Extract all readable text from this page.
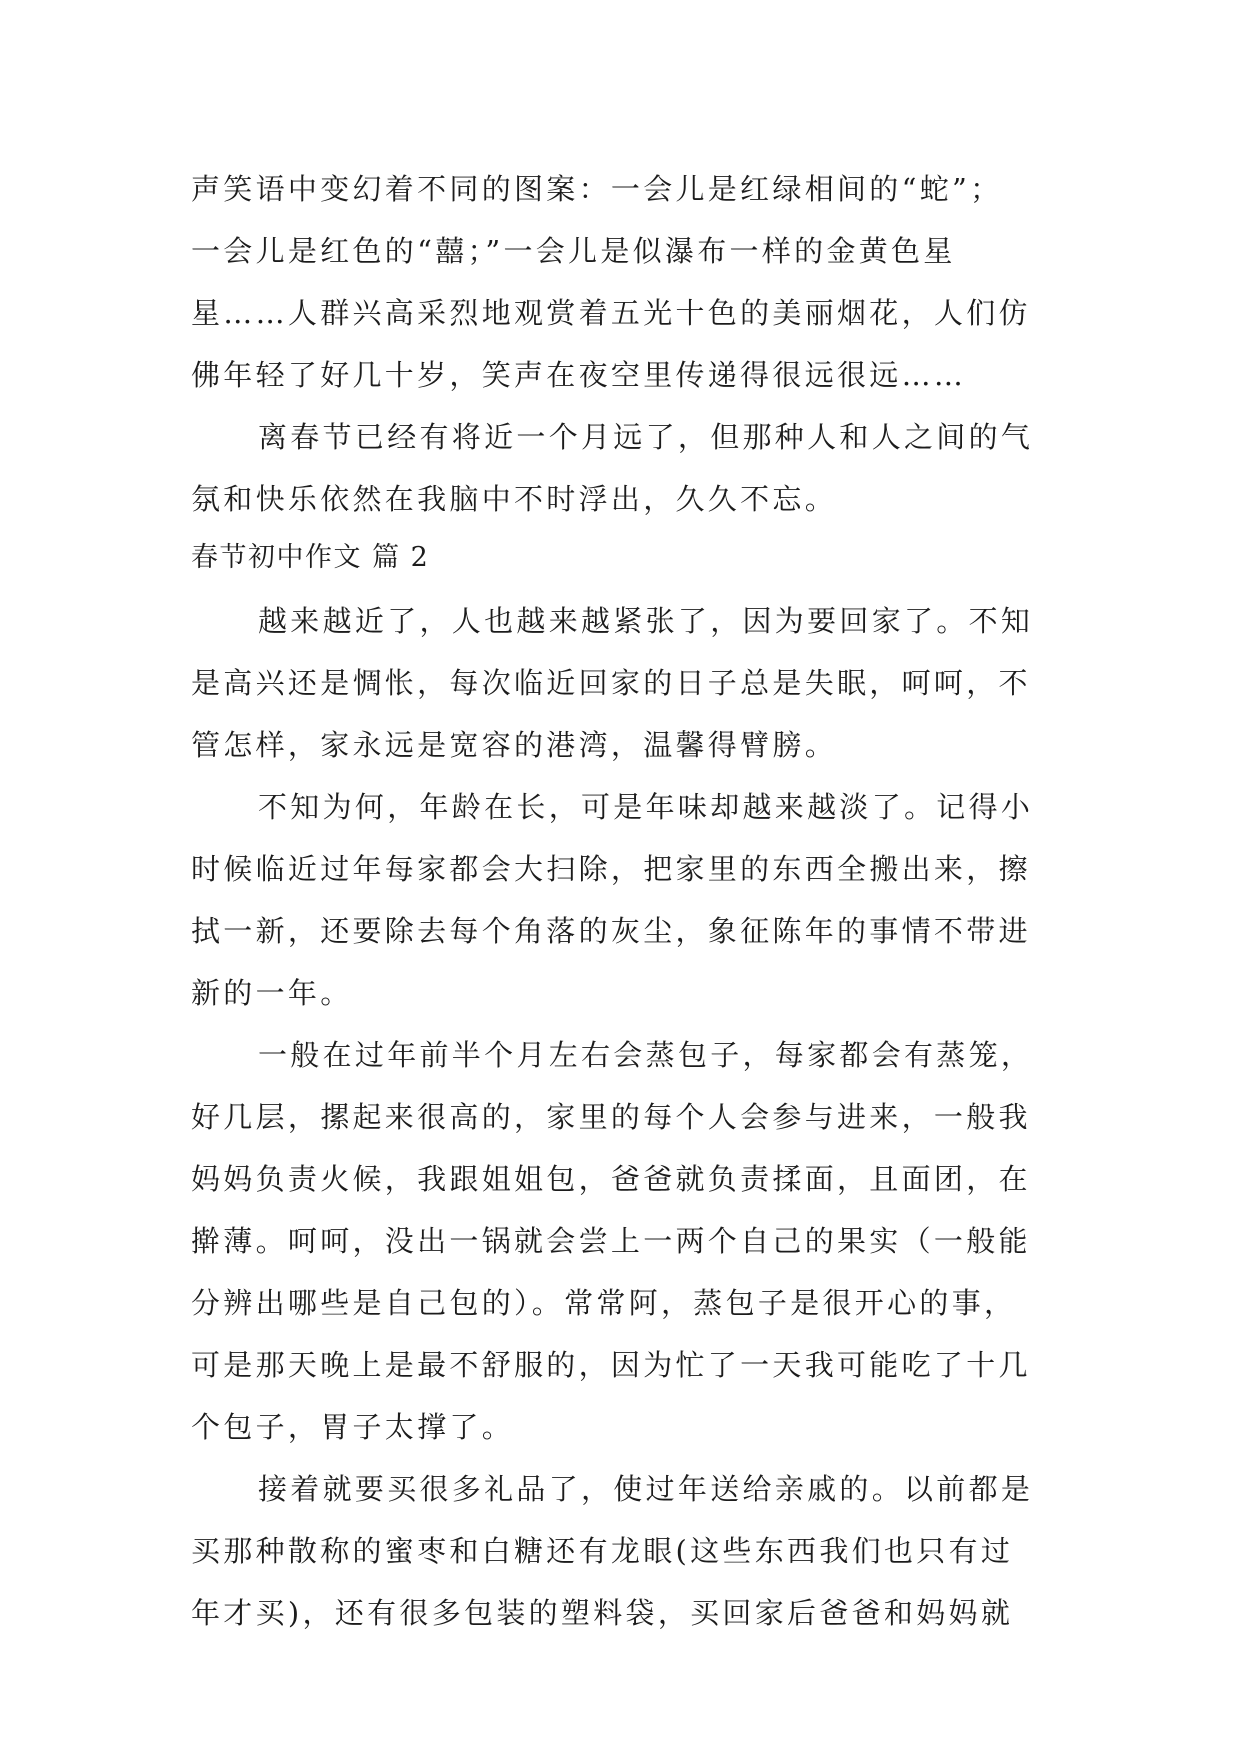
声笑语中变幻着不同的图案：一会儿是红绿相间的“蛇”；
一会儿是红色的“囍；”一会儿是似瀑布一样的金黄色星
星……人群兴高采烈地观赏着五光十色的美丽烟花，人们仿
佛年轻了好几十岁，笑声在夜空里传递得很远很远……
离春节已经有将近一个月远了，但那种人和人之间的气
氛和快乐依然在我脑中不时浮出，久久不忘。
春节初中作文 篇 2
越来越近了，人也越来越紧张了，因为要回家了。不知
是高兴还是惆怅，每次临近回家的日子总是失眠，呵呵，不
管怎样，家永远是宽容的港湾，温馨得臂膀。
不知为何，年龄在长，可是年味却越来越淡了。记得小
时候临近过年每家都会大扫除，把家里的东西全搬出来，擦
拭一新，还要除去每个角落的灰尘，象征陈年的事情不带进
新的一年。
一般在过年前半个月左右会蒸包子，每家都会有蒸笼，
好几层，摞起来很高的，家里的每个人会参与进来，一般我
妈妈负责火候，我跟姐姐包，爸爸就负责揉面，且面团，在
擀薄。呵呵，没出一锅就会尝上一两个自己的果实（一般能
分辨出哪些是自己包的）。常常阿，蒸包子是很开心的事，
可是那天晚上是最不舒服的，因为忙了一天我可能吃了十几
个包子，胃子太撑了。
接着就要买很多礼品了，使过年送给亲戚的。以前都是
买那种散称的蜜枣和白糖还有龙眼(这些东西我们也只有过
年才买)，还有很多包装的塑料袋，买回家后爸爸和妈妈就
